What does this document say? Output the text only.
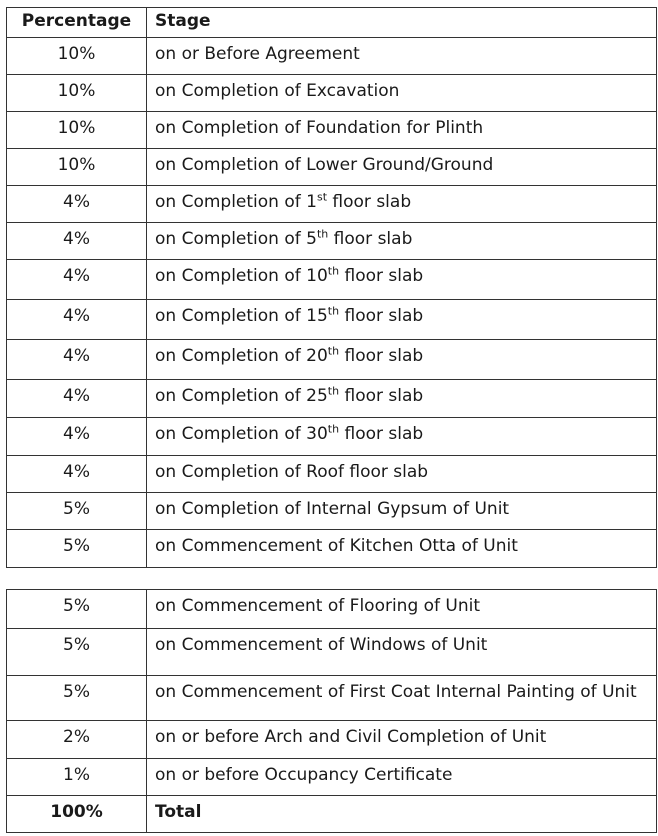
Percentage	Stage
10%	on or Before Agreement
10%	on Completion of Excavation
10%	on Completion of Foundation for Plinth
10%	on Completion of Lower Ground/Ground
4%	on Completion of 1st floor slab
4%	on Completion of 5th floor slab
4%	on Completion of 10th floor slab
4%	on Completion of 15th floor slab
4%	on Completion of 20th floor slab
4%	on Completion of 25th floor slab
4%	on Completion of 30th floor slab
4%	on Completion of Roof floor slab
5%	on Completion of Internal Gypsum of Unit
5%	on Commencement of Kitchen Otta of Unit
5%	on Commencement of Flooring of Unit
5%	on Commencement of Windows of Unit
5%	on Commencement of First Coat Internal Painting of Unit
2%	on or before Arch and Civil Completion of Unit
1%	on or before Occupancy Certificate
100%	Total
